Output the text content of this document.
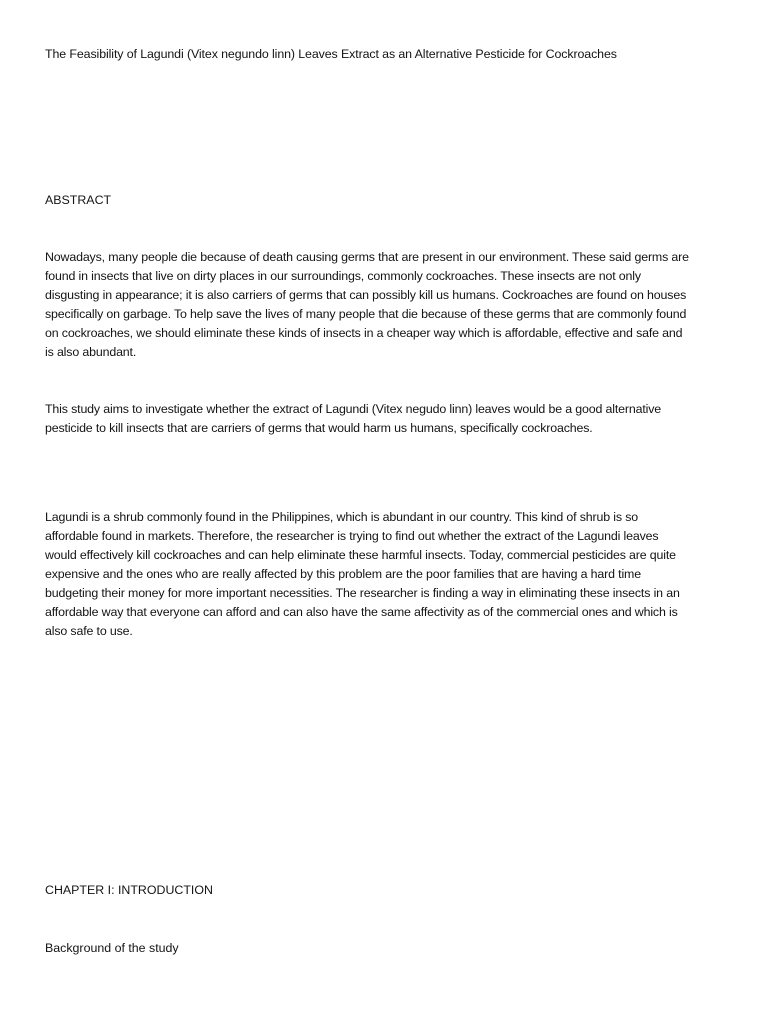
The Feasibility of Lagundi (Vitex negundo linn) Leaves Extract as an Alternative Pesticide for Cockroaches

ABSTRACT

Nowadays, many people die because of death causing germs that are present in our environment. These said germs are
found in insects that live on dirty places in our surroundings, commonly cockroaches. These insects are not only
disgusting in appearance; it is also carriers of germs that can possibly kill us humans. Cockroaches are found on houses
specifically on garbage. To help save the lives of many people that die because of these germs that are commonly found
on cockroaches, we should eliminate these kinds of insects in a cheaper way which is affordable, effective and safe and
is also abundant.
This study aims to investigate whether the extract of Lagundi (Vitex negudo linn) leaves would be a good alternative
pesticide to kill insects that are carriers of germs that would harm us humans, specifically cockroaches.
Lagundi is a shrub commonly found in the Philippines, which is abundant in our country. This kind of shrub is so
affordable found in markets. Therefore, the researcher is trying to find out whether the extract of the Lagundi leaves
would effectively kill cockroaches and can help eliminate these harmful insects. Today, commercial pesticides are quite
expensive and the ones who are really affected by this problem are the poor families that are having a hard time
budgeting their money for more important necessities. The researcher is finding a way in eliminating these insects in an
affordable way that everyone can afford and can also have the same affectivity as of the commercial ones and which is
also safe to use.

CHAPTER I: INTRODUCTION

Background of the study
